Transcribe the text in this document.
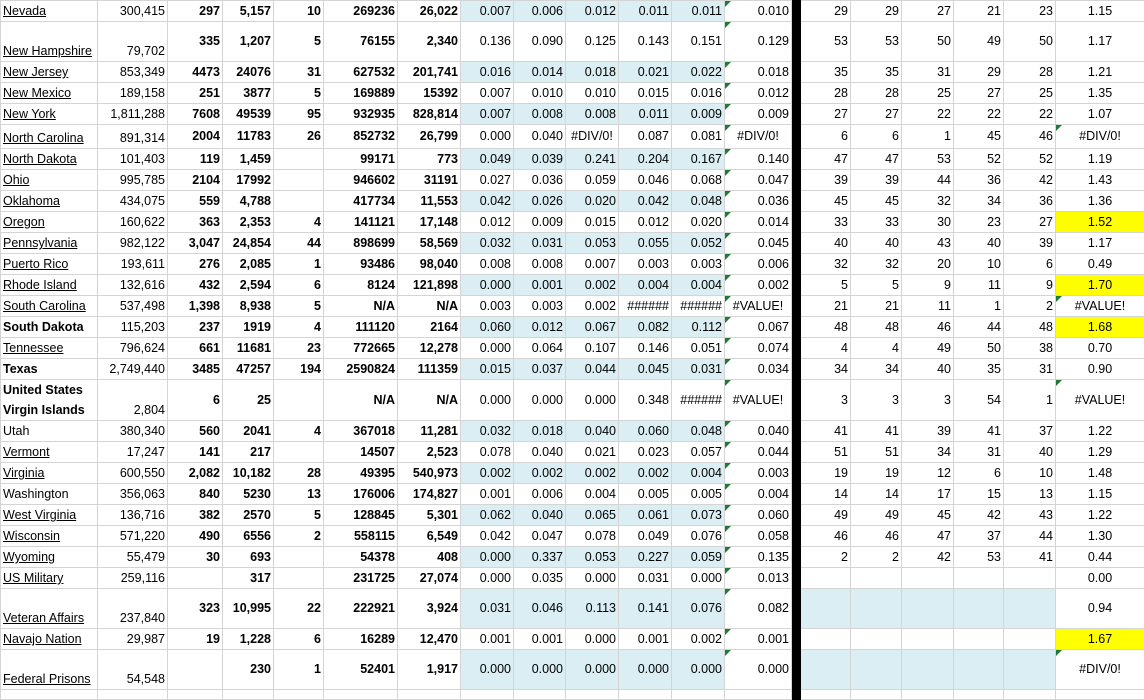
Nevada	300,415	297	5,157	10	269236	26,022	0.007	0.006	0.012	0.011	0.011	0.010		29	29	27	21	23	1.15
New Hampshire	79,702	335	1,207	5	76155	2,340	0.136	0.090	0.125	0.143	0.151	0.129		53	53	50	49	50	1.17
New Jersey	853,349	4473	24076	31	627532	201,741	0.016	0.014	0.018	0.021	0.022	0.018		35	35	31	29	28	1.21
New Mexico	189,158	251	3877	5	169889	15392	0.007	0.010	0.010	0.015	0.016	0.012		28	28	25	27	25	1.35
New York	1,811,288	7608	49539	95	932935	828,814	0.007	0.008	0.008	0.011	0.009	0.009		27	27	22	22	22	1.07
North Carolina	891,314	2004	11783	26	852732	26,799	0.000	0.040	#DIV/0!	0.087	0.081	#DIV/0!		6	6	1	45	46	#DIV/0!

North Dakota	101,403	119	1,459		99171	773	0.049	0.039	0.241	0.204	0.167	0.140		47	47	53	52	52	1.19
Ohio	995,785	2104	17992		946602	31191	0.027	0.036	0.059	0.046	0.068	0.047		39	39	44	36	42	1.43
Oklahoma	434,075	559	4,788		417734	11,553	0.042	0.026	0.020	0.042	0.048	0.036		45	45	32	34	36	1.36
Oregon	160,622	363	2,353	4	141121	17,148	0.012	0.009	0.015	0.012	0.020	0.014		33	33	30	23	27	1.52
Pennsylvania	982,122	3,047	24,854	44	898699	58,569	0.032	0.031	0.053	0.055	0.052	0.045		40	40	43	40	39	1.17
Puerto Rico	193,611	276	2,085	1	93486	98,040	0.008	0.008	0.007	0.003	0.003	0.006		32	32	20	10	6	0.49
Rhode Island	132,616	432	2,594	6	8124	121,898	0.000	0.001	0.002	0.004	0.004	0.002		5	5	9	11	9	1.70
South Carolina	537,498	1,398	8,938	5	N/A	N/A	0.003	0.003	0.002	######	######	#VALUE!		21	21	11	1	2	#VALUE!

South Dakota	115,203	237	1919	4	111120	2164	0.060	0.012	0.067	0.082	0.112	0.067		48	48	46	44	48	1.68
Tennessee	796,624	661	11681	23	772665	12,278	0.000	0.064	0.107	0.146	0.051	0.074		4	4	49	50	38	0.70
Texas	2,749,440	3485	47257	194	2590824	111359	0.015	0.037	0.044	0.045	0.031	0.034		34	34	40	35	31	0.90
United States Virgin Islands	2,804	6	25		N/A	N/A	0.000	0.000	0.000	0.348	######	#VALUE!		3	3	3	54	1	#VALUE!

Utah	380,340	560	2041	4	367018	11,281	0.032	0.018	0.040	0.060	0.048	0.040		41	41	39	41	37	1.22
Vermont	17,247	141	217		14507	2,523	0.078	0.040	0.021	0.023	0.057	0.044		51	51	34	31	40	1.29
Virginia	600,550	2,082	10,182	28	49395	540,973	0.002	0.002	0.002	0.002	0.004	0.003		19	19	12	6	10	1.48
Washington	356,063	840	5230	13	176006	174,827	0.001	0.006	0.004	0.005	0.005	0.004		14	14	17	15	13	1.15
West Virginia	136,716	382	2570	5	128845	5,301	0.062	0.040	0.065	0.061	0.073	0.060		49	49	45	42	43	1.22
Wisconsin	571,220	490	6556	2	558115	6,549	0.042	0.047	0.078	0.049	0.076	0.058		46	46	47	37	44	1.30
Wyoming	55,479	30	693		54378	408	0.000	0.337	0.053	0.227	0.059	0.135		2	2	42	53	41	0.44
US Military	259,116		317		231725	27,074	0.000	0.035	0.000	0.031	0.000	0.013							0.00
Veteran Affairs	237,840	323	10,995	22	222921	3,924	0.031	0.046	0.113	0.141	0.076	0.082							0.94
Navajo Nation	29,987	19	1,228	6	16289	12,470	0.001	0.001	0.000	0.001	0.002	0.001							1.67
Federal Prisons	54,548		230	1	52401	1,917	0.000	0.000	0.000	0.000	0.000	0.000							#DIV/0!
